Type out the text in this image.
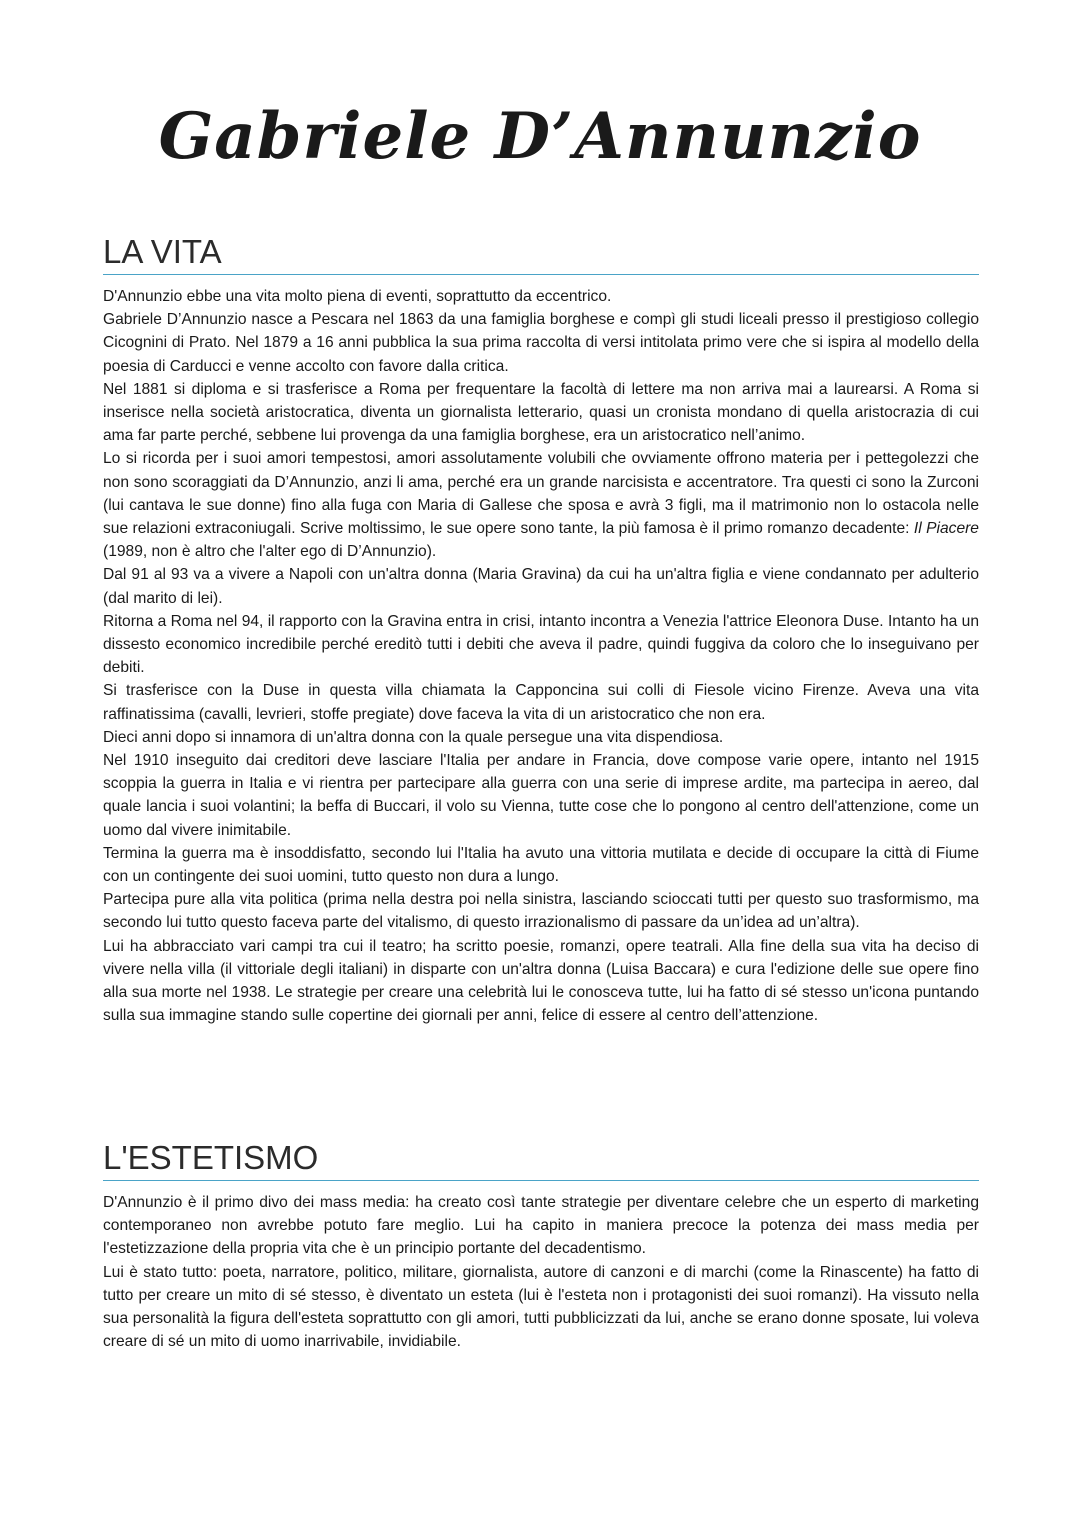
Gabriele D’Annunzio
LA VITA

D'Annunzio ebbe una vita molto piena di eventi, soprattutto da eccentrico.

Gabriele D’Annunzio nasce a Pescara nel 1863 da una famiglia borghese e compì gli studi liceali presso il prestigioso collegio Cicognini di Prato. Nel 1879 a 16 anni pubblica la sua prima raccolta di versi intitolata primo vere che si ispira al modello della poesia di Carducci e venne accolto con favore dalla critica.

Nel 1881 si diploma e si trasferisce a Roma per frequentare la facoltà di lettere ma non arriva mai a laurearsi. A Roma si inserisce nella società aristocratica, diventa un giornalista letterario, quasi un cronista mondano di quella aristocrazia di cui ama far parte perché, sebbene lui provenga da una famiglia borghese, era un aristocratico nell’animo.

Lo si ricorda per i suoi amori tempestosi, amori assolutamente volubili che ovviamente offrono materia per i pettegolezzi che non sono scoraggiati da D’Annunzio, anzi li ama, perché era un grande narcisista e accentratore. Tra questi ci sono la Zurconi (lui cantava le sue donne) fino alla fuga con Maria di Gallese che sposa e avrà 3 figli, ma il matrimonio non lo ostacola nelle sue relazioni extraconiugali. Scrive moltissimo, le sue opere sono tante, la più famosa è il primo romanzo decadente: Il Piacere (1989, non è altro che l'alter ego di D’Annunzio).

Dal 91 al 93 va a vivere a Napoli con un'altra donna (Maria Gravina) da cui ha un'altra figlia e viene condannato per adulterio (dal marito di lei).

Ritorna a Roma nel 94, il rapporto con la Gravina entra in crisi, intanto incontra a Venezia l'attrice Eleonora Duse. Intanto ha un dissesto economico incredibile perché ereditò tutti i debiti che aveva il padre, quindi fuggiva da coloro che lo inseguivano per debiti.

Si trasferisce con la Duse in questa villa chiamata la Capponcina sui colli di Fiesole vicino Firenze. Aveva una vita raffinatissima (cavalli, levrieri, stoffe pregiate) dove faceva la vita di un aristocratico che non era.

Dieci anni dopo si innamora di un'altra donna con la quale persegue una vita dispendiosa.

Nel 1910 inseguito dai creditori deve lasciare l'Italia per andare in Francia, dove compose varie opere, intanto nel 1915 scoppia la guerra in Italia e vi rientra per partecipare alla guerra con una serie di imprese ardite, ma partecipa in aereo, dal quale lancia i suoi volantini; la beffa di Buccari, il volo su Vienna, tutte cose che lo pongono al centro dell'attenzione, come un uomo dal vivere inimitabile.

Termina la guerra ma è insoddisfatto, secondo lui l'Italia ha avuto una vittoria mutilata e decide di occupare la città di Fiume con un contingente dei suoi uomini, tutto questo non dura a lungo.

Partecipa pure alla vita politica (prima nella destra poi nella sinistra, lasciando scioccati tutti per questo suo trasformismo, ma secondo lui tutto questo faceva parte del vitalismo, di questo irrazionalismo di passare da un’idea ad un’altra).

Lui ha abbracciato vari campi tra cui il teatro; ha scritto poesie, romanzi, opere teatrali. Alla fine della sua vita ha deciso di vivere nella villa (il vittoriale degli italiani) in disparte con un'altra donna (Luisa Baccara) e cura l'edizione delle sue opere fino alla sua morte nel 1938. Le strategie per creare una celebrità lui le conosceva tutte, lui ha fatto di sé stesso un'icona puntando sulla sua immagine stando sulle copertine dei giornali per anni, felice di essere al centro dell’attenzione.

L'ESTETISMO

D'Annunzio è il primo divo dei mass media: ha creato così tante strategie per diventare celebre che un esperto di marketing contemporaneo non avrebbe potuto fare meglio. Lui ha capito in maniera precoce la potenza dei mass media per l'estetizzazione della propria vita che è un principio portante del decadentismo.

Lui è stato tutto: poeta, narratore, politico, militare, giornalista, autore di canzoni e di marchi (come la Rinascente) ha fatto di tutto per creare un mito di sé stesso, è diventato un esteta (lui è l'esteta non i protagonisti dei suoi romanzi). Ha vissuto nella sua personalità la figura dell'esteta soprattutto con gli amori, tutti pubblicizzati da lui, anche se erano donne sposate, lui voleva creare di sé un mito di uomo inarrivabile, invidiabile.
